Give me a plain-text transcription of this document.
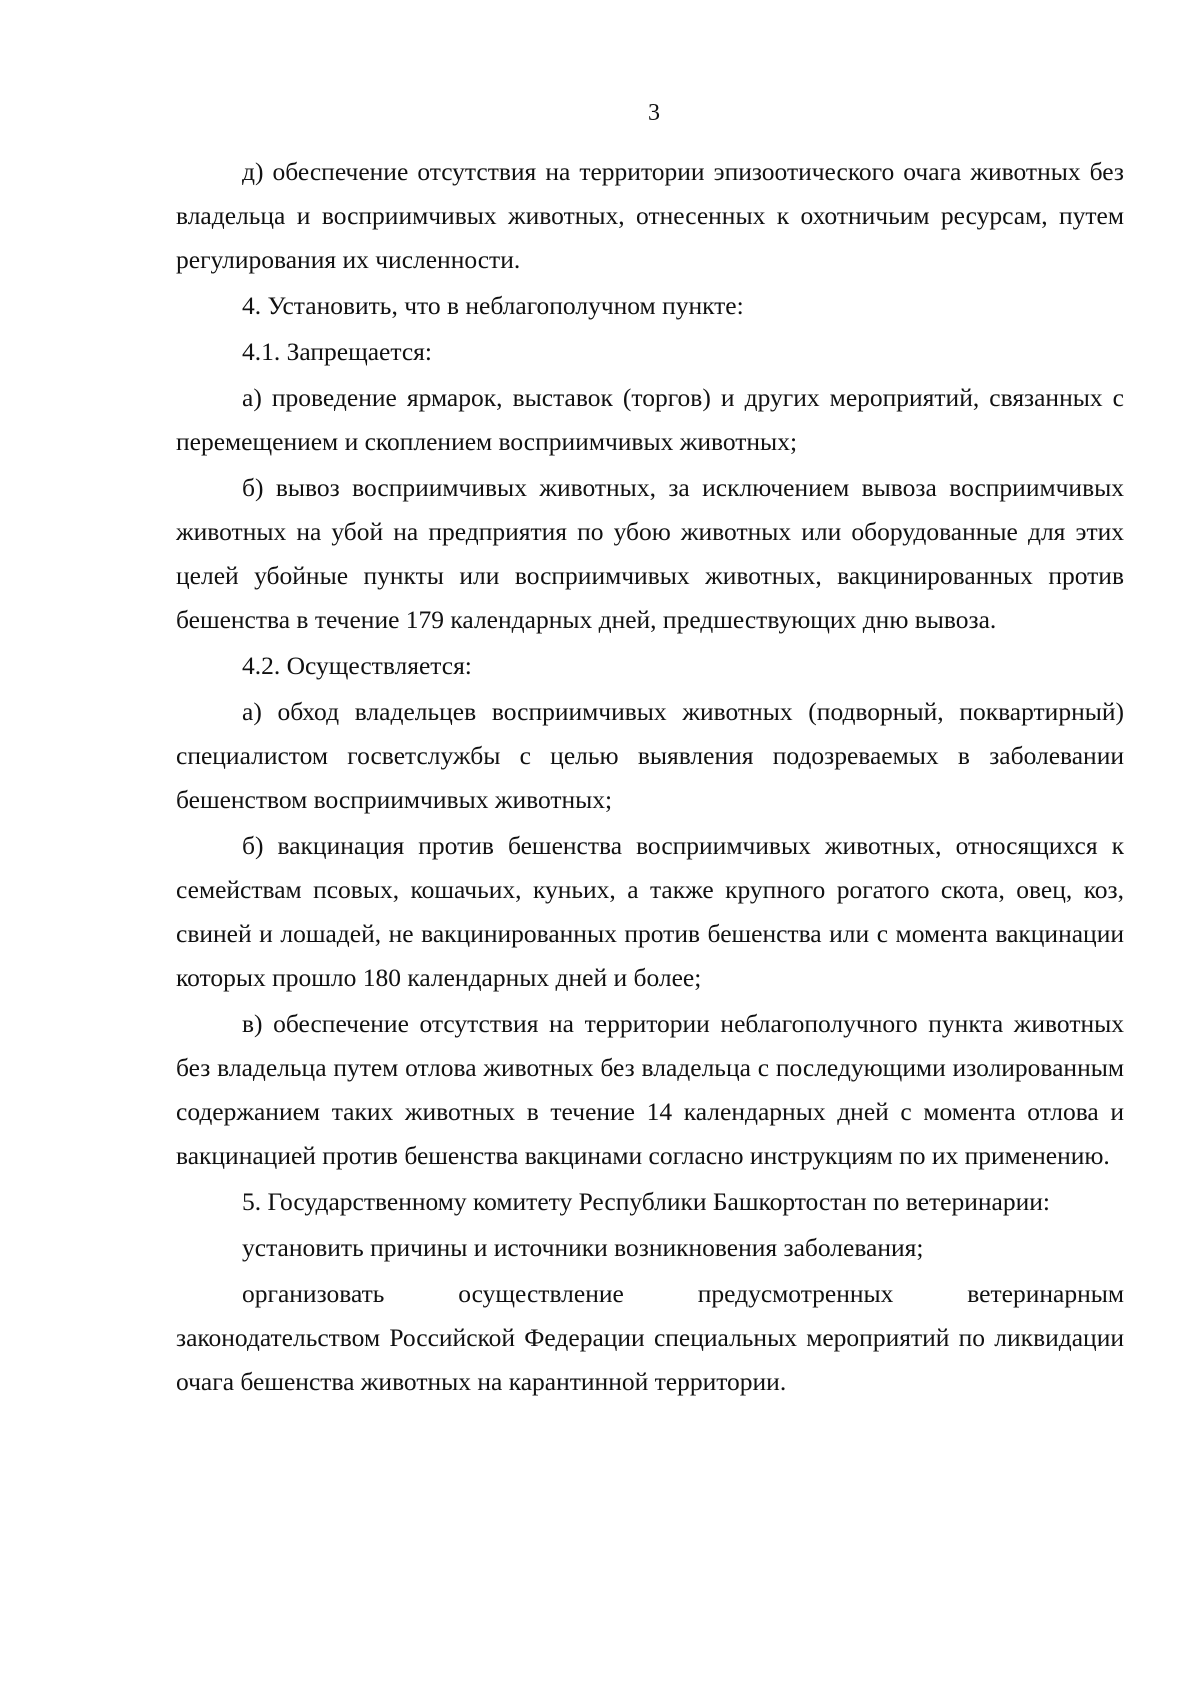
3

д) обеспечение отсутствия на территории эпизоотического очага животных без владельца и восприимчивых животных, отнесенных к охотничьим ресурсам, путем регулирования их численности.

4. Установить, что в неблагополучном пункте:

4.1. Запрещается:

а) проведение ярмарок, выставок (торгов) и других мероприятий, связанных с перемещением и скоплением восприимчивых животных;

б) вывоз восприимчивых животных, за исключением вывоза восприимчивых животных на убой на предприятия по убою животных или оборудованные для этих целей убойные пункты или восприимчивых животных, вакцинированных против бешенства в течение 179 календарных дней, предшествующих дню вывоза.

4.2. Осуществляется:

а) обход владельцев восприимчивых животных (подворный, поквартирный) специалистом госветслужбы с целью выявления подозреваемых в заболевании бешенством восприимчивых животных;

б) вакцинация против бешенства восприимчивых животных, относящихся к семействам псовых, кошачьих, куньих, а также крупного рогатого скота, овец, коз, свиней и лошадей, не вакцинированных против бешенства или с момента вакцинации которых прошло 180 календарных дней и более;

в) обеспечение отсутствия на территории неблагополучного пункта животных без владельца путем отлова животных без владельца с последующими изолированным содержанием таких животных в течение 14 календарных дней с момента отлова и вакцинацией против бешенства вакцинами согласно инструкциям по их применению.

5. Государственному комитету Республики Башкортостан по ветеринарии:

установить причины и источники возникновения заболевания;

организовать осуществление предусмотренных ветеринарным законодательством Российской Федерации специальных мероприятий по ликвидации очага бешенства животных на карантинной территории.
